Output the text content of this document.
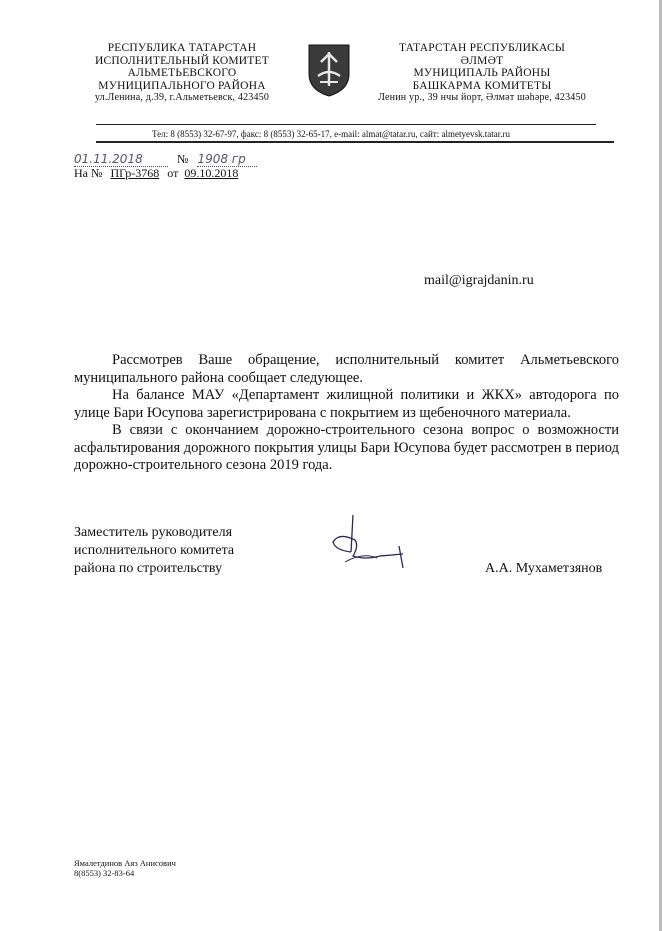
РЕСПУБЛИКА ТАТАРСТАН
ИСПОЛНИТЕЛЬНЫЙ КОМИТЕТ
АЛЬМЕТЬЕВСКОГО
МУНИЦИПАЛЬНОГО РАЙОНА
ул.Ленина, д.39, г.Альметьевск, 423450
ТАТАРСТАН РЕСПУБЛИКАСЫ
ӘЛМӘТ
МУНИЦИПАЛЬ РАЙОНЫ
БАШКАРМА КОМИТЕТЫ
Ленин ур., 39 нчы йорт, Әлмәт шәһәре, 423450
Тел: 8 (8553) 32-67-97, факс: 8 (8553) 32-65-17, e-mail: almat@tatar.ru, сайт: almetyevsk.tatar.ru
01.11.2018	№ 1908 гр
На № ПГр-3768 от 09.10.2018
mail@igrajdanin.ru

Рассмотрев Ваше обращение, исполнительный комитет Альметьевского муниципального района сообщает следующее.

На балансе МАУ «Департамент жилищной политики и ЖКХ» автодорога по улице Бари Юсупова зарегистрирована с покрытием из щебеночного материала.

В связи с окончанием дорожно-строительного сезона вопрос о возможности асфальтирования дорожного покрытия улицы Бари Юсупова будет рассмотрен в период дорожно-строительного сезона 2019 года.

Заместитель руководителя
исполнительного комитета
района по строительству	А.А. Мухаметзянов
Ямалетдинов Аяз Анисович
8(8553) 32-83-64
